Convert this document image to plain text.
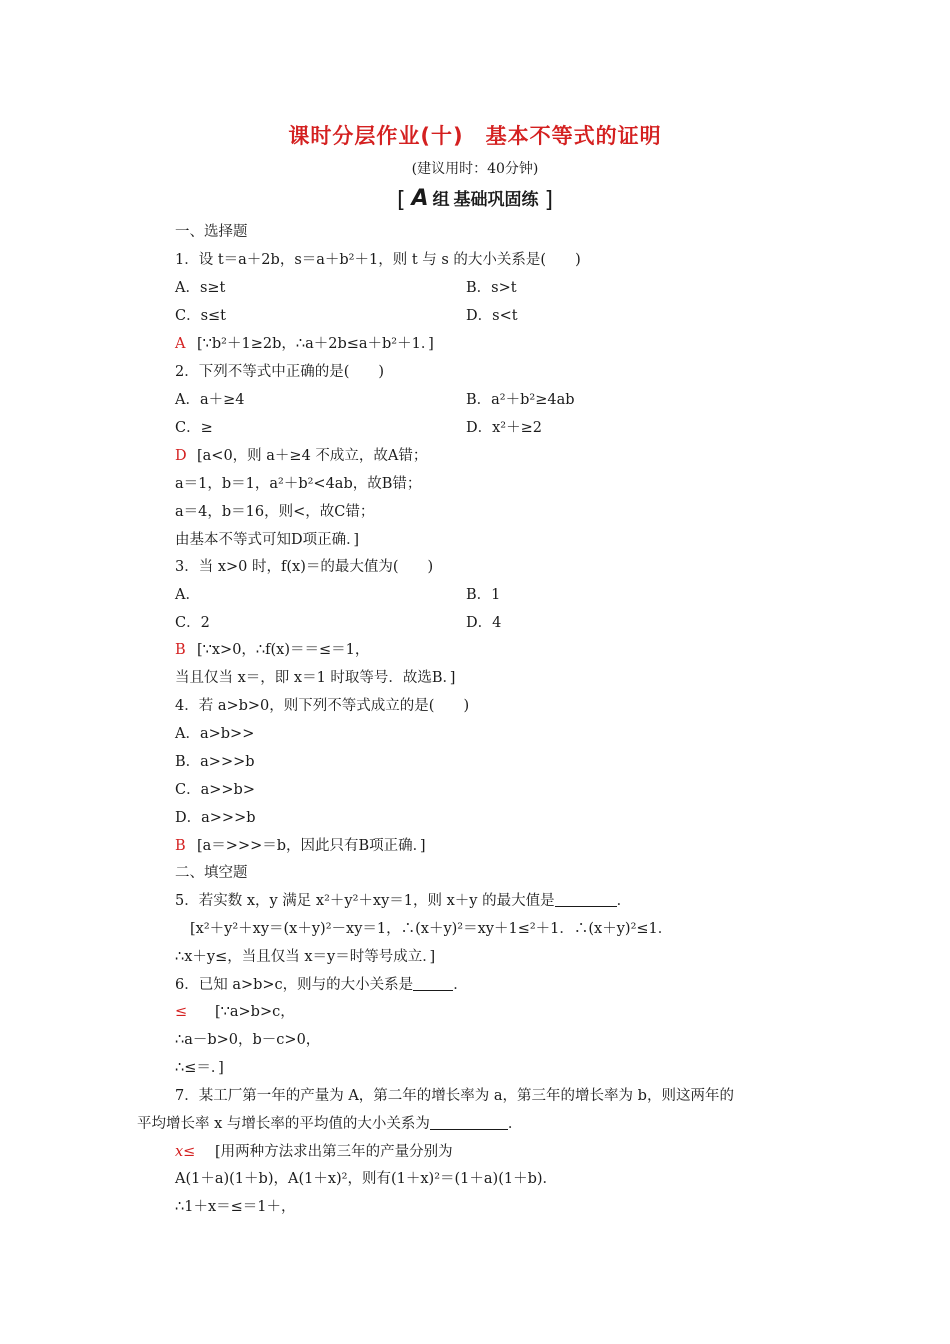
课时分层作业(十) 基本不等式的证明
(建议用时：40分钟)
[ A 组 基础巩固练 ]
一、选择题
1．设 t＝a＋2b，s＝a＋b²＋1，则 t 与 s 的大小关系是(　　)
A．s≥t	B．s>t
C．s≤t	D．s<t
A [∵b²＋1≥2b，∴a＋2b≤a＋b²＋1．]
2．下列不等式中正确的是(　　)
A．a＋≥4	B．a²＋b²≥4ab
C．≥	D．x²＋≥2
D [a<0，则 a＋≥4 不成立，故A错；
a＝1，b＝1，a²＋b²<4ab，故B错；
a＝4，b＝16，则<，故C错；
由基本不等式可知D项正确．]
3．当 x>0 时，f(x)＝的最大值为(　　)
A．	B．1
C．2	D．4
B [∵x>0，∴f(x)＝＝≤＝1，
当且仅当 x＝，即 x＝1 时取等号．故选B．]
4．若 a>b>0，则下列不等式成立的是(　　)
A．a>b>>
B．a>>>b
C．a>>b>
D．a>>>b
B [a＝>>>＝b，因此只有B项正确．]
二、填空题
5．若实数 x，y 满足 x²＋y²＋xy＝1，则 x＋y 的最大值是	．
[x²＋y²＋xy＝(x＋y)²－xy＝1，∴(x＋y)²＝xy＋1≤²＋1．∴(x＋y)²≤1．
∴x＋y≤，当且仅当 x＝y＝时等号成立．]
6．已知 a>b>c，则与的大小关系是	．
≤ [∵a>b>c，
∴a－b>0，b－c>0，
∴≤＝．]
7．某工厂第一年的产量为 A，第二年的增长率为 a，第三年的增长率为 b，则这两年的
平均增长率 x 与增长率的平均值的大小关系为	．
x≤ [用两种方法求出第三年的产量分别为
A(1＋a)(1＋b)，A(1＋x)²，则有(1＋x)²＝(1＋a)(1＋b)．
∴1＋x＝≤＝1＋，
